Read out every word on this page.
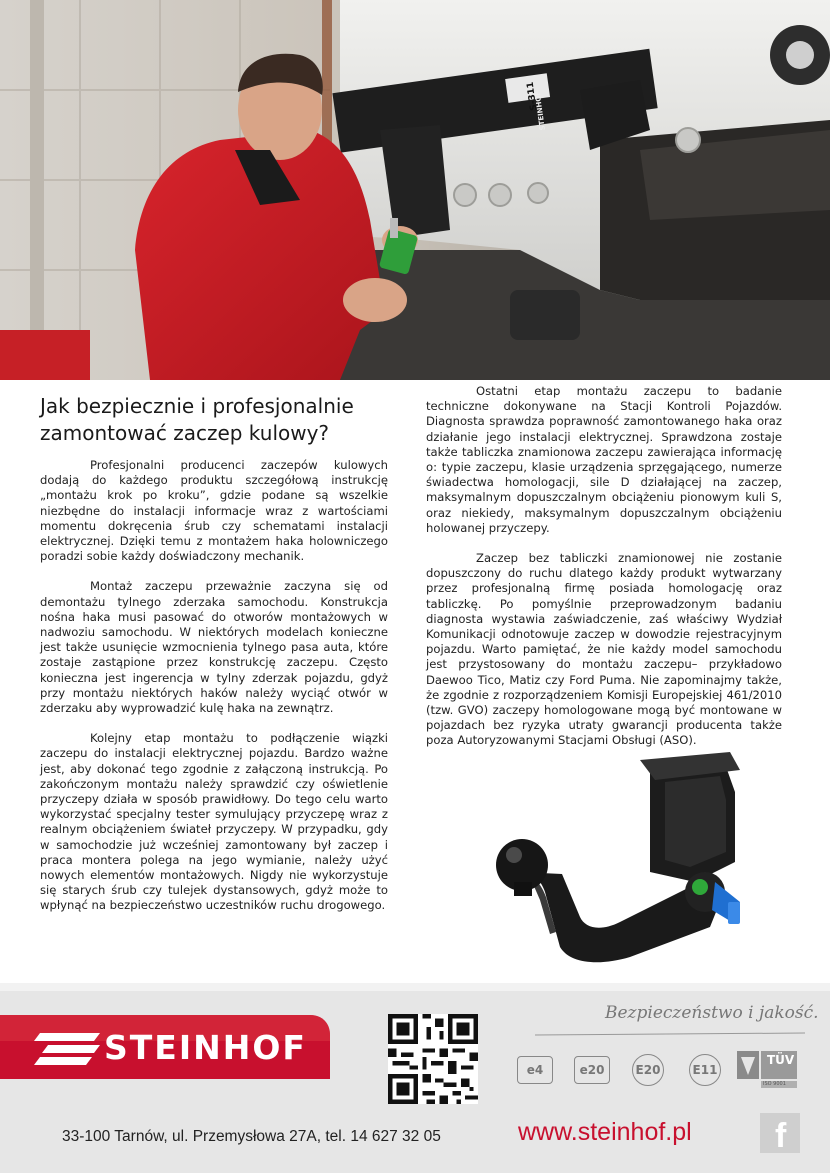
S-311
STEINHOF
Jak bezpiecznie i profesjonalnie zamontować zaczep kulowy?

Profesjonalni producenci zaczepów kulowych dodają do każdego produktu szczegółową instrukcję „montażu krok po kroku”, gdzie podane są wszelkie niezbędne do instalacji informacje wraz z wartościami momentu dokręcenia śrub czy schematami instalacji elektrycznej. Dzięki temu z montażem haka holowniczego poradzi sobie każdy doświadczony mechanik.

Montaż zaczepu przeważnie zaczyna się od demontażu tylnego zderzaka samochodu. Konstrukcja nośna haka musi pasować do otworów montażowych w nadwoziu samochodu. W niektórych modelach konieczne jest także usunięcie wzmocnienia tylnego pasa auta, które zostaje zastąpione przez konstrukcję zaczepu. Często konieczna jest ingerencja w tylny zderzak pojazdu, gdyż przy montażu niektórych haków należy wyciąć otwór w zderzaku aby wyprowadzić kulę haka na zewnątrz.

Kolejny etap montażu to podłączenie wiązki zaczepu do instalacji elektrycznej pojazdu. Bardzo ważne jest, aby dokonać tego zgodnie z załączoną instrukcją. Po zakończonym montażu należy sprawdzić czy oświetlenie przyczepy działa w sposób prawidłowy. Do tego celu warto wykorzystać specjalny tester symulujący przyczepę wraz z realnym obciążeniem świateł przyczepy. W przypadku, gdy w samochodzie już wcześniej zamontowany był zaczep i praca montera polega na jego wymianie, należy użyć nowych elementów montażowych. Nigdy nie wykorzystuje się starych śrub czy tulejek dystansowych, gdyż może to wpłynąć na bezpieczeństwo uczestników ruchu drogowego.

Ostatni etap montażu zaczepu to badanie techniczne dokonywane na Stacji Kontroli Pojazdów. Diagnosta sprawdza poprawność zamontowanego haka oraz działanie jego instalacji elektrycznej. Sprawdzona zostaje także tabliczka znamionowa zaczepu zawierająca informację o: typie zaczepu, klasie urządzenia sprzęgającego, numerze świadectwa homologacji, sile D działającej na zaczep, maksymalnym dopuszczalnym obciążeniu pionowym kuli S, oraz niekiedy, maksymalnym dopuszczalnym obciążeniu holowanej przyczepy.

Zaczep bez tabliczki znamionowej nie zostanie dopuszczony do ruchu dlatego każdy produkt wytwarzany przez profesjonalną firmę posiada homologację oraz tabliczkę. Po pomyślnie przeprowadzonym badaniu diagnosta wystawia zaświadczenie, zaś właściwy Wydział Komunikacji odnotowuje zaczep w dowodzie rejestracyjnym pojazdu. Warto pamiętać, że nie każdy model samochodu jest przystosowany do montażu zaczepu– przykładowo Daewoo Tico, Matiz czy Ford Puma. Nie zapominajmy także, że zgodnie z rozporządzeniem Komisji Europejskiej 461/2010 (tzw. GVO) zaczepy homologowane mogą być montowane w pojazdach bez ryzyka utraty gwarancji producenta także poza Autoryzowanymi Stacjami Obsługi (ASO).

STEINHOF
Bezpieczeństwo i jakość.
e4	e20	E20	E11
TÜV
ISO 9001
33-100 Tarnów, ul. Przemysłowa 27A, tel. 14 627 32 05	www.steinhof.pl f
